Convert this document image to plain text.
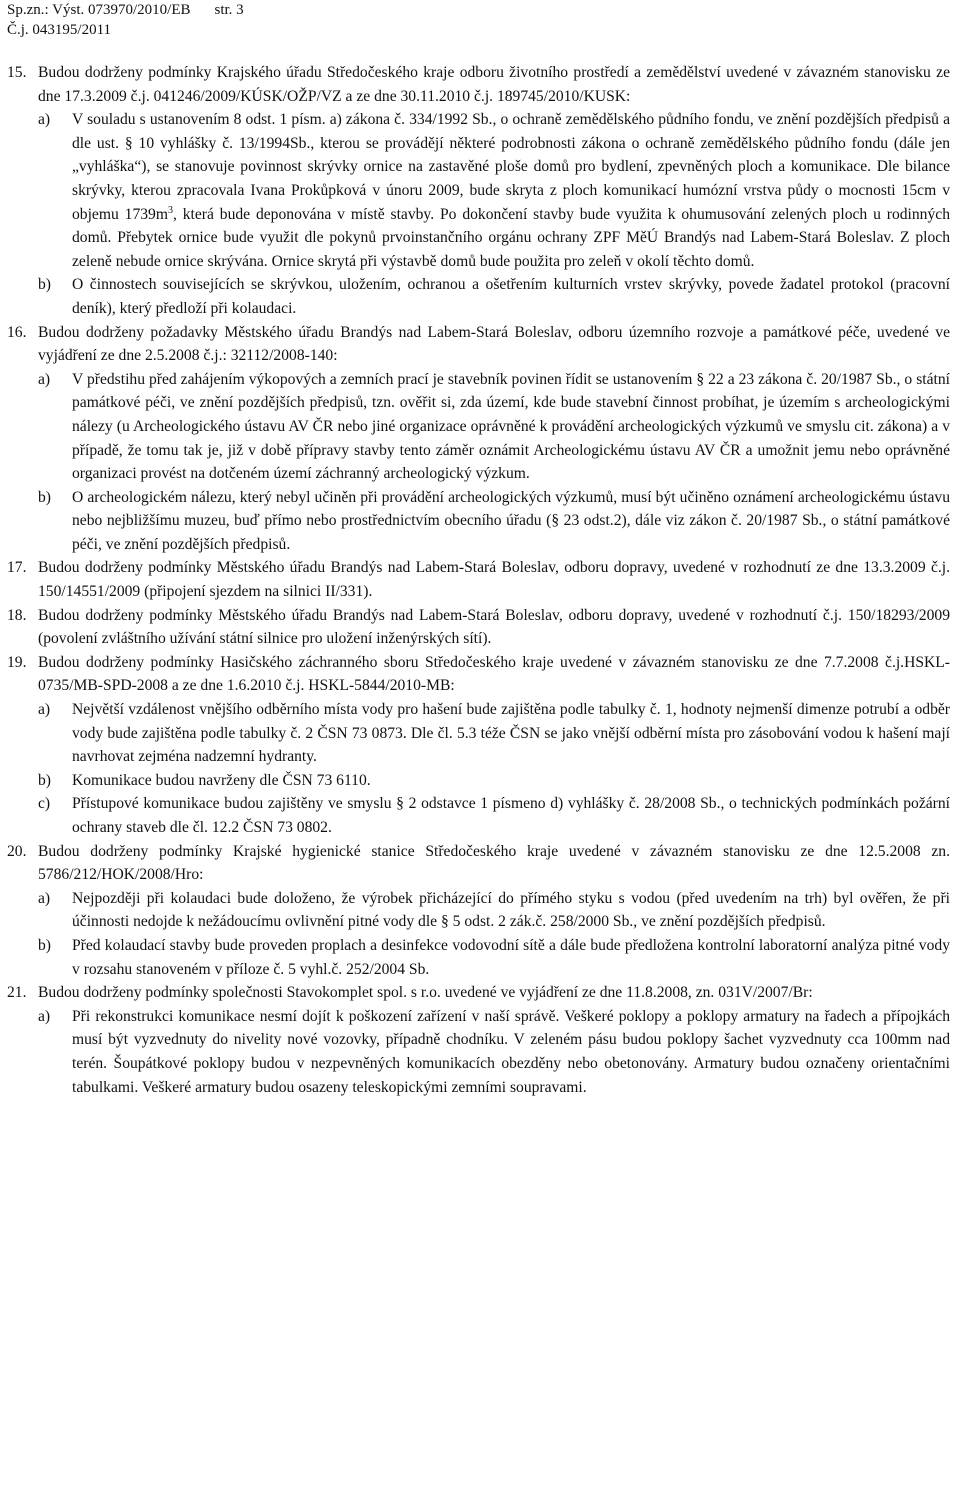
Sp.zn.: Výst. 073970/2010/EB str. 3
Č.j. 043195/2011
15. Budou dodrženy podmínky Krajského úřadu Středočeského kraje odboru životního prostředí a zemědělství uvedené v závazném stanovisku ze dne 17.3.2009 č.j. 041246/2009/KÚSK/OŽP/VZ a ze dne 30.11.2010 č.j. 189745/2010/KUSK:

a) V souladu s ustanovením 8 odst. 1 písm. a) zákona č. 334/1992 Sb., o ochraně zemědělského půdního fondu, ve znění pozdějších předpisů a dle ust. § 10 vyhlášky č. 13/1994Sb., kterou se provádějí některé podrobnosti zákona o ochraně zemědělského půdního fondu (dále jen „vyhláška“), se stanovuje povinnost skrývky ornice na zastavěné ploše domů pro bydlení, zpevněných ploch a komunikace. Dle bilance skrývky, kterou zpracovala Ivana Prokůpková v únoru 2009, bude skryta z ploch komunikací humózní vrstva půdy o mocnosti 15cm v objemu $1739m^3$, která bude deponována v místě stavby. Po dokončení stavby bude využita k ohumusování zelených ploch u rodinných domů. Přebytek ornice bude využit dle pokynů prvoinstančního orgánu ochrany ZPF MěÚ Brandýs nad Labem-Stará Boleslav. Z ploch zeleně nebude ornice skrývána. Ornice skrytá při výstavbě domů bude použita pro zeleň v okolí těchto domů.

b) O činnostech souvisejících se skrývkou, uložením, ochranou a ošetřením kulturních vrstev skrývky, povede žadatel protokol (pracovní deník), který předloží při kolaudaci.

16. Budou dodrženy požadavky Městského úřadu Brandýs nad Labem-Stará Boleslav, odboru územního rozvoje a památkové péče, uvedené ve vyjádření ze dne 2.5.2008 č.j.: 32112/2008-140:

a) V předstihu před zahájením výkopových a zemních prací je stavebník povinen řídit se ustanovením § 22 a 23 zákona č. 20/1987 Sb., o státní památkové péči, ve znění pozdějších předpisů, tzn. ověřit si, zda území, kde bude stavební činnost probíhat, je územím s archeologickými nálezy (u Archeologického ústavu AV ČR nebo jiné organizace oprávněné k provádění archeologických výzkumů ve smyslu cit. zákona) a v případě, že tomu tak je, již v době přípravy stavby tento záměr oznámit Archeologickému ústavu AV ČR a umožnit jemu nebo oprávněné organizaci provést na dotčeném území záchranný archeologický výzkum.

b) O archeologickém nálezu, který nebyl učiněn při provádění archeologických výzkumů, musí být učiněno oznámení archeologickému ústavu nebo nejbližšímu muzeu, buď přímo nebo prostřednictvím obecního úřadu (§ 23 odst.2), dále viz zákon č. 20/1987 Sb., o státní památkové péči, ve znění pozdějších předpisů.

17. Budou dodrženy podmínky Městského úřadu Brandýs nad Labem-Stará Boleslav, odboru dopravy, uvedené v rozhodnutí ze dne 13.3.2009 č.j. 150/14551/2009 (připojení sjezdem na silnici II/331).

18. Budou dodrženy podmínky Městského úřadu Brandýs nad Labem-Stará Boleslav, odboru dopravy, uvedené v rozhodnutí č.j. 150/18293/2009 (povolení zvláštního užívání státní silnice pro uložení inženýrských sítí).

19. Budou dodrženy podmínky Hasičského záchranného sboru Středočeského kraje uvedené v závazném stanovisku ze dne 7.7.2008 č.j.HSKL-0735/MB-SPD-2008 a ze dne 1.6.2010 č.j. HSKL-5844/2010-MB:

a) Největší vzdálenost vnějšího odběrního místa vody pro hašení bude zajištěna podle tabulky č. 1, hodnoty nejmenší dimenze potrubí a odběr vody bude zajištěna podle tabulky č. 2 ČSN 73 0873. Dle čl. 5.3 téže ČSN se jako vnější odběrní místa pro zásobování vodou k hašení mají navrhovat zejména nadzemní hydranty.

b) Komunikace budou navrženy dle ČSN 73 6110.

c) Přístupové komunikace budou zajištěny ve smyslu § 2 odstavce 1 písmeno d) vyhlášky č. 28/2008 Sb., o technických podmínkách požární ochrany staveb dle čl. 12.2 ČSN 73 0802.

20. Budou dodrženy podmínky Krajské hygienické stanice Středočeského kraje uvedené v závazném stanovisku ze dne 12.5.2008 zn. 5786/212/HOK/2008/Hro:

a) Nejpozději při kolaudaci bude doloženo, že výrobek přicházející do přímého styku s vodou (před uvedením na trh) byl ověřen, že při účinnosti nedojde k nežádoucímu ovlivnění pitné vody dle § 5 odst. 2 zák.č. 258/2000 Sb., ve znění pozdějších předpisů.

b) Před kolaudací stavby bude proveden proplach a desinfekce vodovodní sítě a dále bude předložena kontrolní laboratorní analýza pitné vody v rozsahu stanoveném v příloze č. 5 vyhl.č. 252/2004 Sb.

21. Budou dodrženy podmínky společnosti Stavokomplet spol. s r.o. uvedené ve vyjádření ze dne 11.8.2008, zn. 031V/2007/Br:

a) Při rekonstrukci komunikace nesmí dojít k poškození zařízení v naší správě. Veškeré poklopy a poklopy armatury na řadech a přípojkách musí být vyzvednuty do nivelity nové vozovky, případně chodníku. V zeleném pásu budou poklopy šachet vyzvednuty cca 100mm nad terén. Šoupátkové poklopy budou v nezpevněných komunikacích obezděny nebo obetonovány. Armatury budou označeny orientačními tabulkami. Veškeré armatury budou osazeny teleskopickými zemními soupravami.
